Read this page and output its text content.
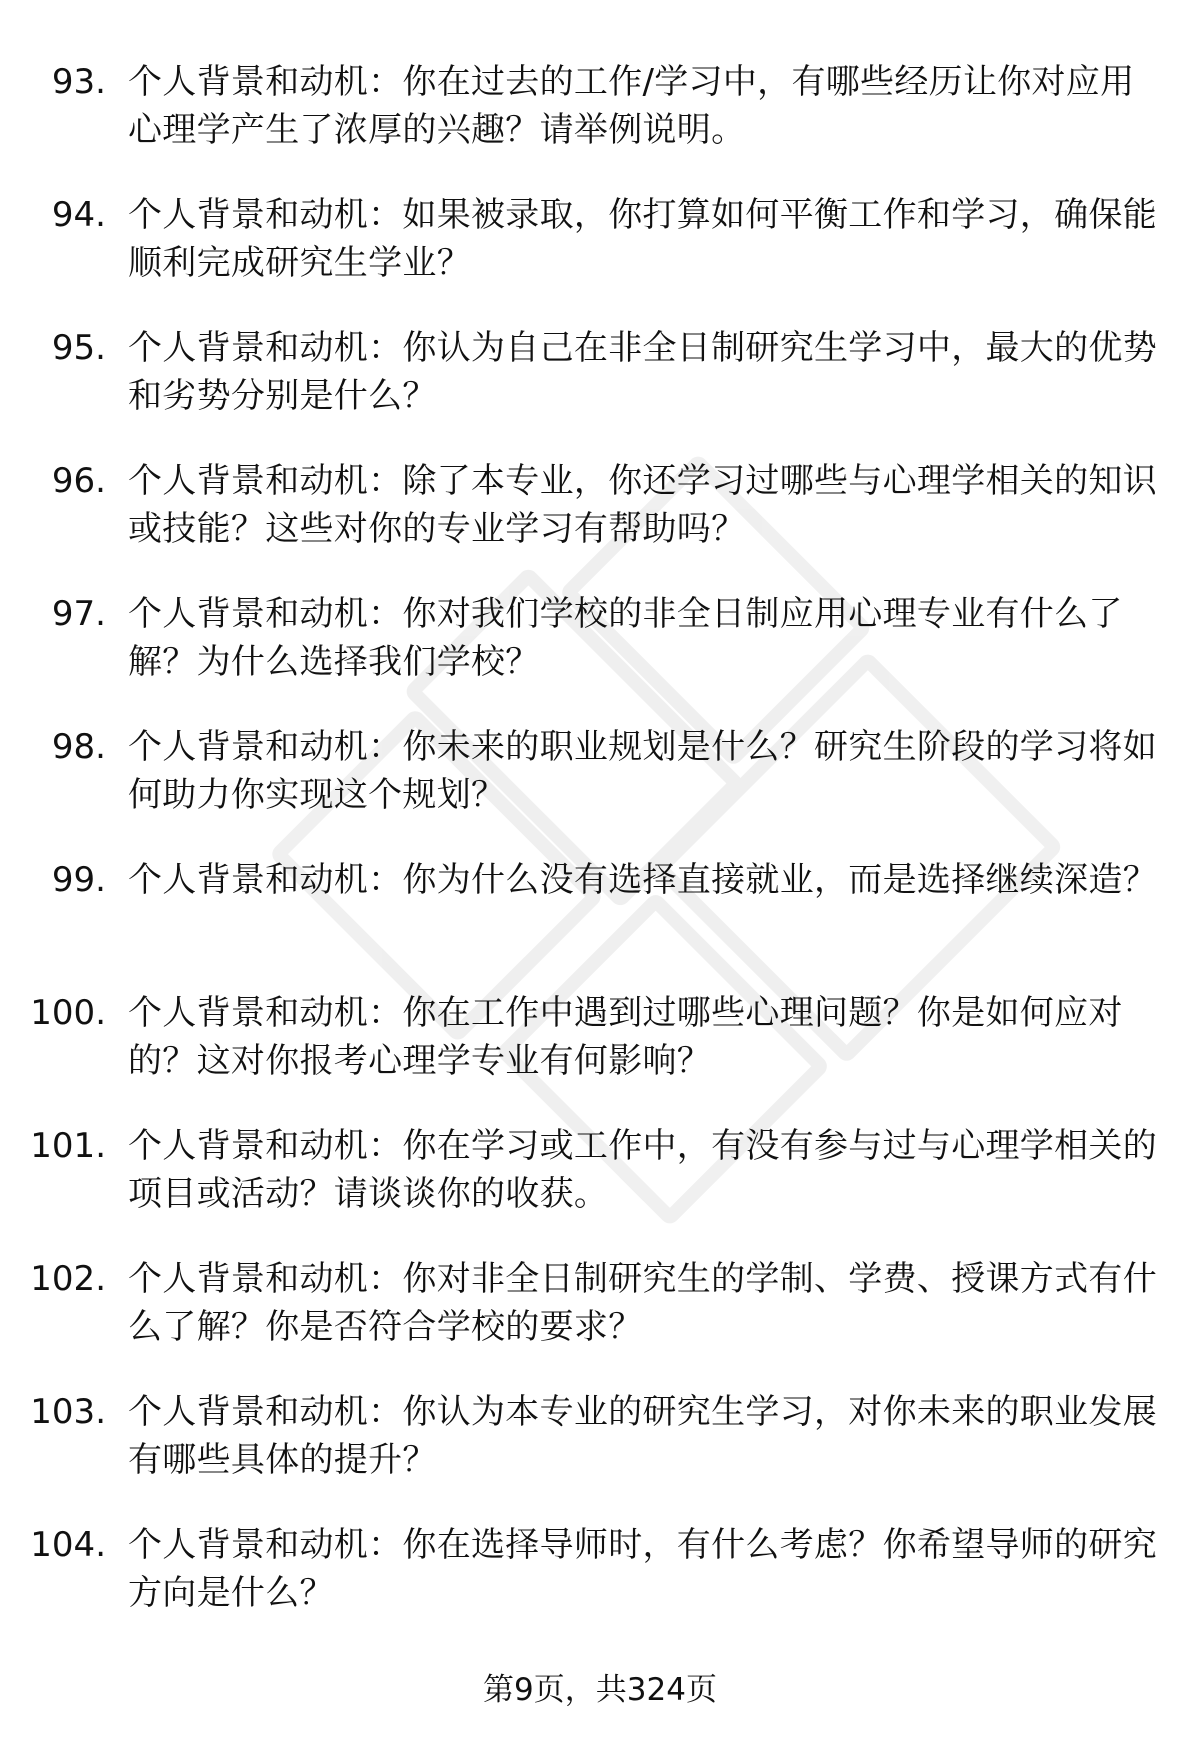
93. 个人背景和动机：你在过去的工作/学习中，有哪些经历让你对应用心理学产生了浓厚的兴趣？请举例说明。
94. 个人背景和动机：如果被录取，你打算如何平衡工作和学习，确保能顺利完成研究生学业？
95. 个人背景和动机：你认为自己在非全日制研究生学习中，最大的优势和劣势分别是什么？
96. 个人背景和动机：除了本专业，你还学习过哪些与心理学相关的知识或技能？这些对你的专业学习有帮助吗？
97. 个人背景和动机：你对我们学校的非全日制应用心理专业有什么了解？为什么选择我们学校？
98. 个人背景和动机：你未来的职业规划是什么？研究生阶段的学习将如何助力你实现这个规划？
99. 个人背景和动机：你为什么没有选择直接就业，而是选择继续深造？
100. 个人背景和动机：你在工作中遇到过哪些心理问题？你是如何应对的？这对你报考心理学专业有何影响？
101. 个人背景和动机：你在学习或工作中，有没有参与过与心理学相关的项目或活动？请谈谈你的收获。
102. 个人背景和动机：你对非全日制研究生的学制、学费、授课方式有什么了解？你是否符合学校的要求？
103. 个人背景和动机：你认为本专业的研究生学习，对你未来的职业发展有哪些具体的提升？
104. 个人背景和动机：你在选择导师时，有什么考虑？你希望导师的研究方向是什么？
第9页，共324页
